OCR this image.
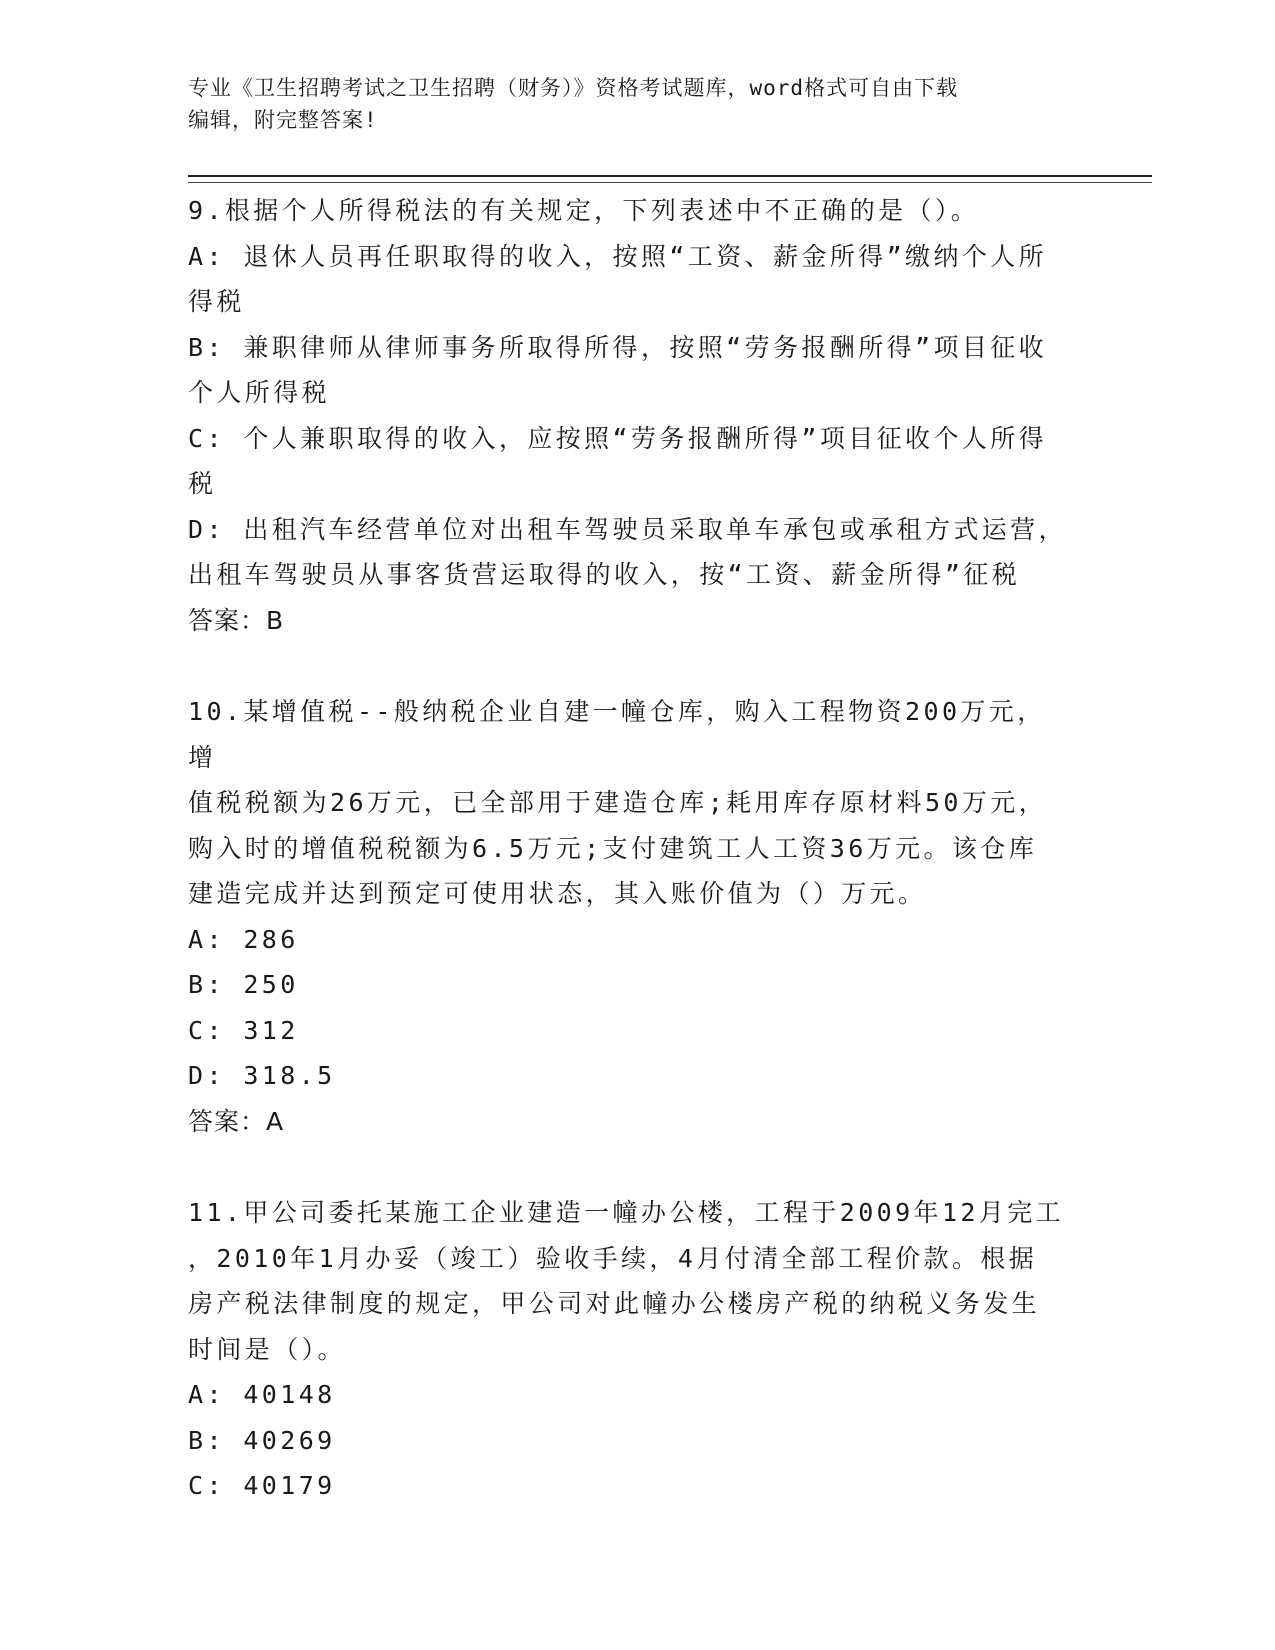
专业《卫生招聘考试之卫生招聘（财务）》资格考试题库，word格式可自由下载
编辑，附完整答案!
9.根据个人所得税法的有关规定，下列表述中不正确的是（）。
A: 退休人员再任职取得的收入，按照“工资、薪金所得”缴纳个人所
得税
B: 兼职律师从律师事务所取得所得，按照“劳务报酬所得”项目征收
个人所得税
C: 个人兼职取得的收入，应按照“劳务报酬所得”项目征收个人所得
税
D: 出租汽车经营单位对出租车驾驶员采取单车承包或承租方式运营，
出租车驾驶员从事客货营运取得的收入，按“工资、薪金所得”征税
答案：B
10.某增值税--般纳税企业自建一幢仓库，购入工程物资200万元，增
值税税额为26万元，已全部用于建造仓库;耗用库存原材料50万元，
购入时的增值税税额为6.5万元;支付建筑工人工资36万元。该仓库
建造完成并达到预定可使用状态，其入账价值为（）万元。
A: 286
B: 250
C: 312
D: 318.5
答案：A
11.甲公司委托某施工企业建造一幢办公楼，工程于2009年12月完工
，2010年1月办妥（竣工）验收手续，4月付清全部工程价款。根据
房产税法律制度的规定，甲公司对此幢办公楼房产税的纳税义务发生
时间是（）。
A: 40148
B: 40269
C: 40179
